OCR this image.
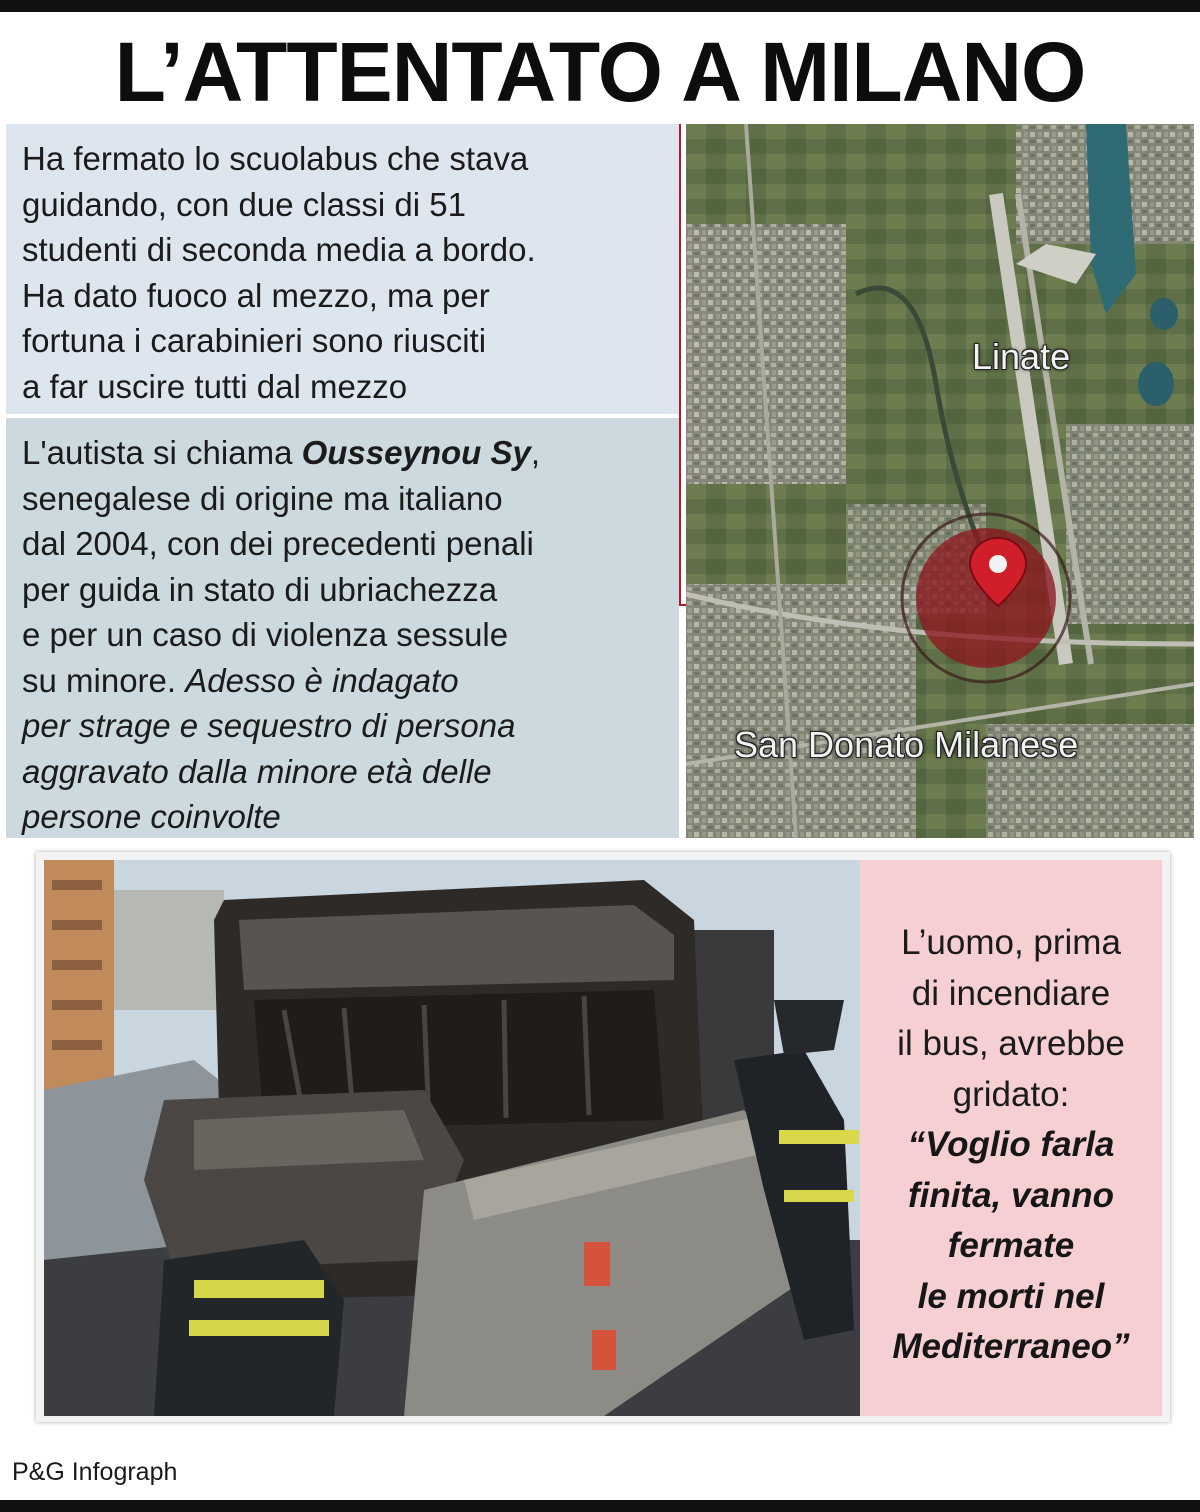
L’ATTENTATO A MILANO
Ha fermato lo scuolabus che stava
guidando, con due classi di 51
studenti di seconda media a bordo.
Ha dato fuoco al mezzo, ma per
fortuna i carabinieri sono riusciti
a far uscire tutti dal mezzo
L'autista si chiama Ousseynou Sy,
senegalese di origine ma italiano
dal 2004, con dei precedenti penali
per guida in stato di ubriachezza
e per un caso di violenza sessule
su minore. Adesso è indagato
per strage e sequestro di persona
aggravato dalla minore età delle
persone coinvolte
Linate
San Donato Milanese
L’uomo, prima
di incendiare
il bus, avrebbe
gridato:
“Voglio farla
finita, vanno
fermate
le morti nel
Mediterraneo”
P&G Infograph
